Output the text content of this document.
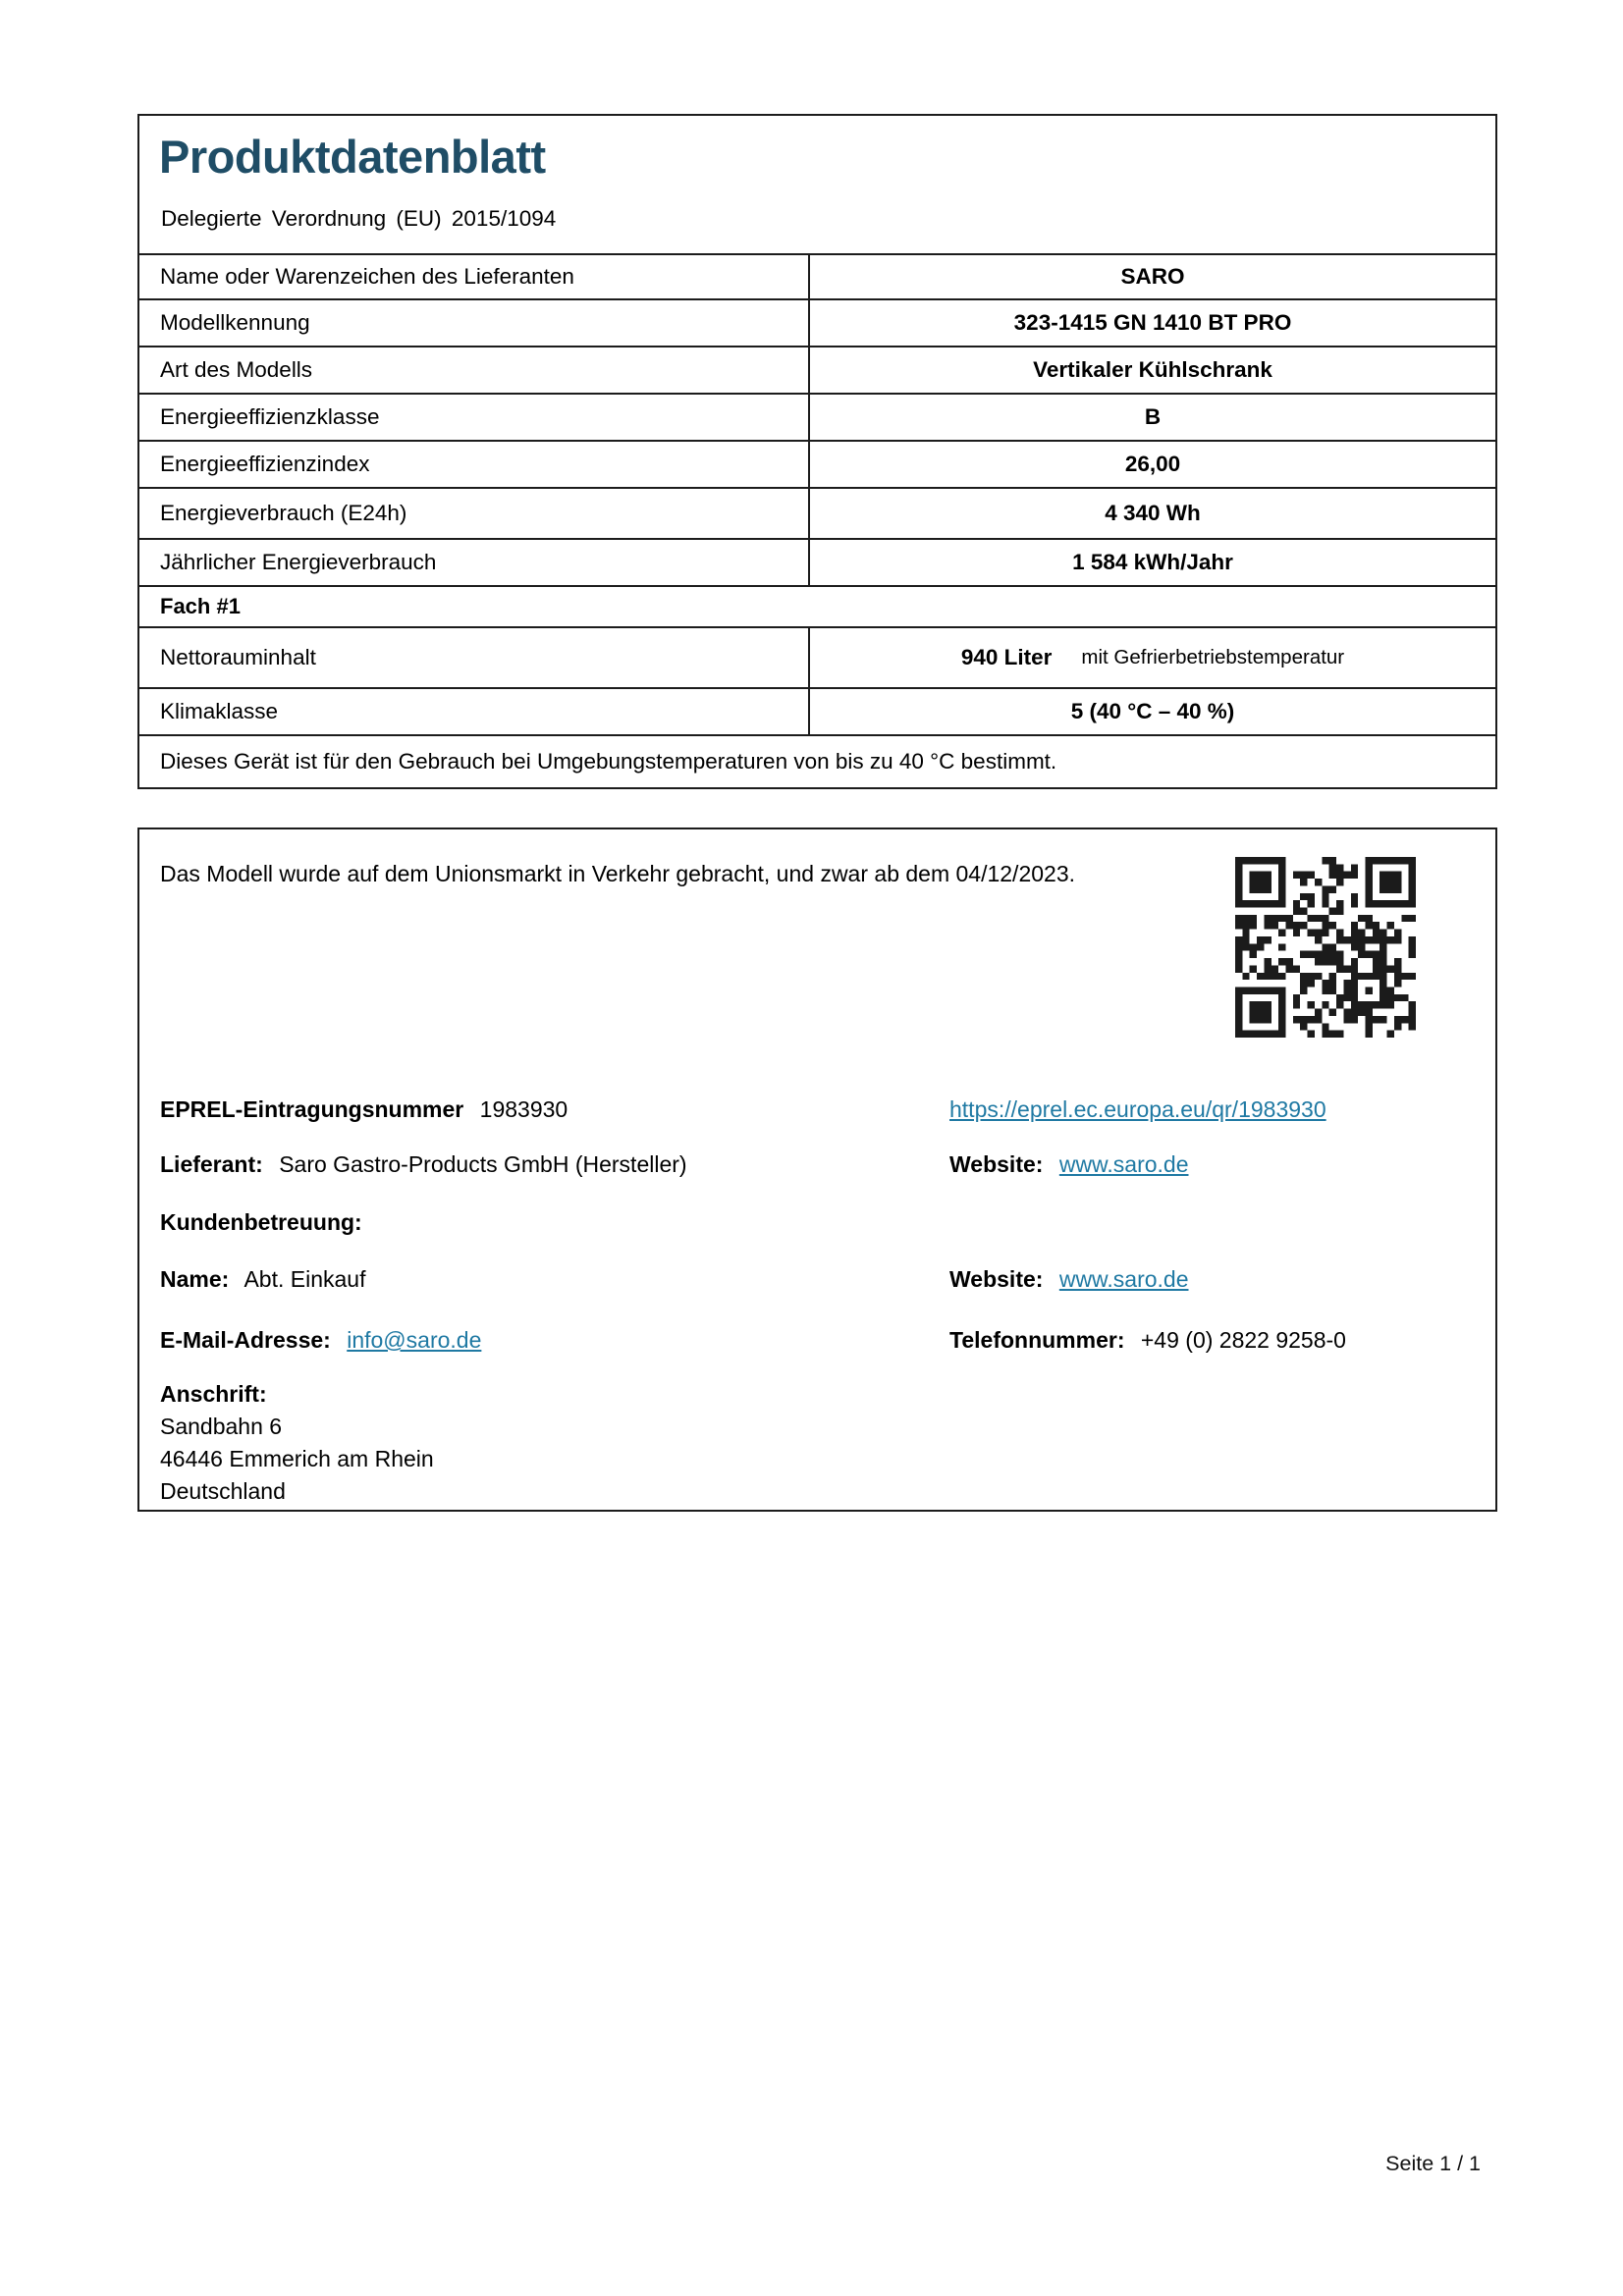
Produktdatenblatt
Delegierte Verordnung (EU) 2015/1094
Name oder Warenzeichen des Lieferanten	SARO
Modellkennung	323-1415 GN 1410 BT PRO
Art des Modells	Vertikaler Kühlschrank
Energieeffizienzklasse	B
Energieeffizienzindex	26,00
Energieverbrauch (E24h)	4 340 Wh
Jährlicher Energieverbrauch	1 584 kWh/Jahr
Fach #1
Nettorauminhalt	940 Liter mit Gefrierbetriebstemperatur
Klimaklasse	5 (40 °C – 40 %)
Dieses Gerät ist für den Gebrauch bei Umgebungstemperaturen von bis zu 40 °C bestimmt.
Das Modell wurde auf dem Unionsmarkt in Verkehr gebracht, und zwar ab dem 04/12/2023.
EPREL-Eintragungsnummer 1983930	https://eprel.ec.europa.eu/qr/1983930
Lieferant: Saro Gastro-Products GmbH (Hersteller)	Website: www.saro.de
Kundenbetreuung:
Name: Abt. Einkauf	Website: www.saro.de
E-Mail-Adresse: info@saro.de	Telefonnummer: +49 (0) 2822 9258-0
Anschrift:
Sandbahn 6
46446 Emmerich am Rhein
Deutschland
Seite 1 / 1
